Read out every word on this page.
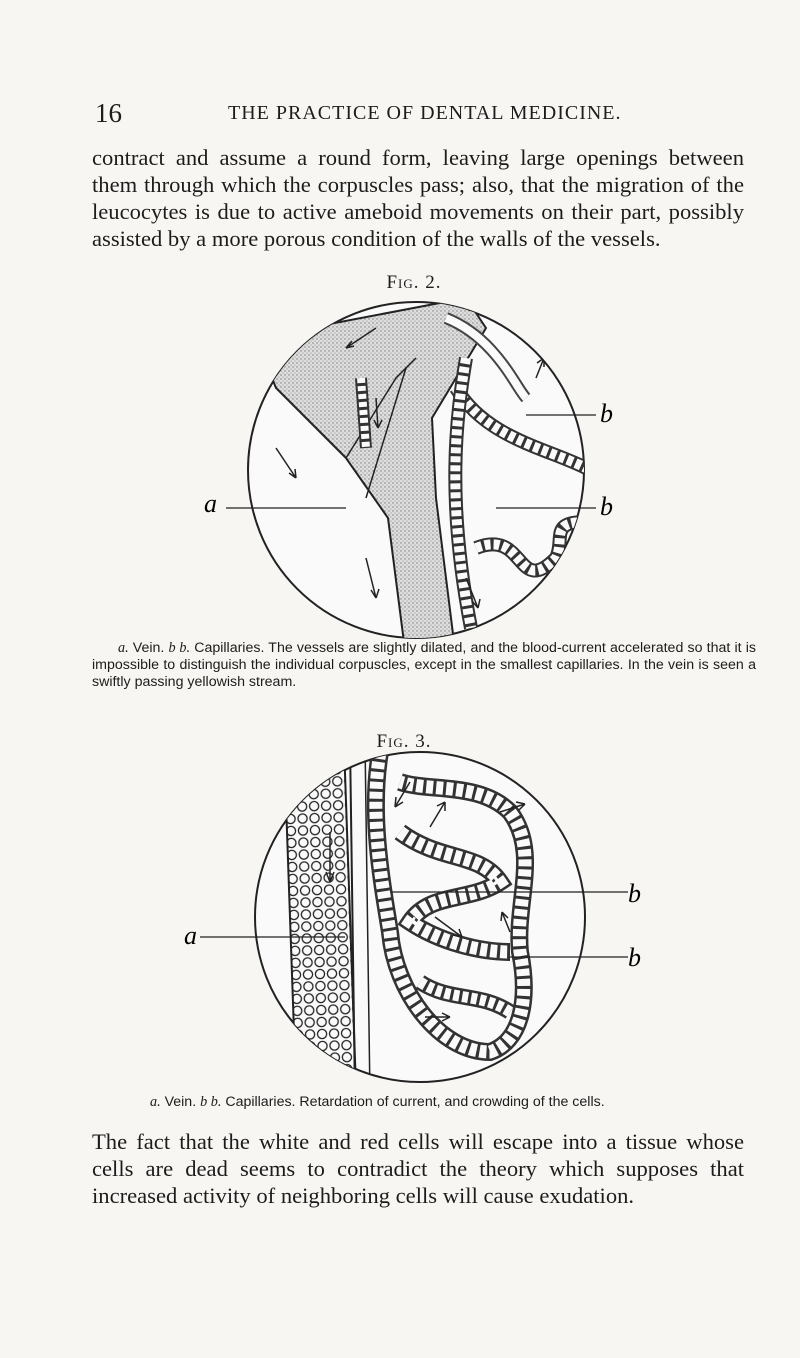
16	THE PRACTICE OF DENTAL MEDICINE.

contract and assume a round form, leaving large openings between them through which the corpuscles pass; also, that the migration of the leucocytes is due to active ameboid movements on their part, possibly assisted by a more porous condition of the walls of the vessels.

Fig. 2.
a
b
b
a. Vein. b b. Capillaries. The vessels are slightly dilated, and the blood-current accelerated so that it is impossible to distinguish the individual corpuscles, except in the smallest capillaries. In the vein is seen a swiftly passing yellowish stream.
Fig. 3.
a
b
b
a. Vein. b b. Capillaries. Retardation of current, and crowding of the cells.

The fact that the white and red cells will escape into a tissue whose cells are dead seems to contradict the theory which supposes that increased activity of neighboring cells will cause exudation.
